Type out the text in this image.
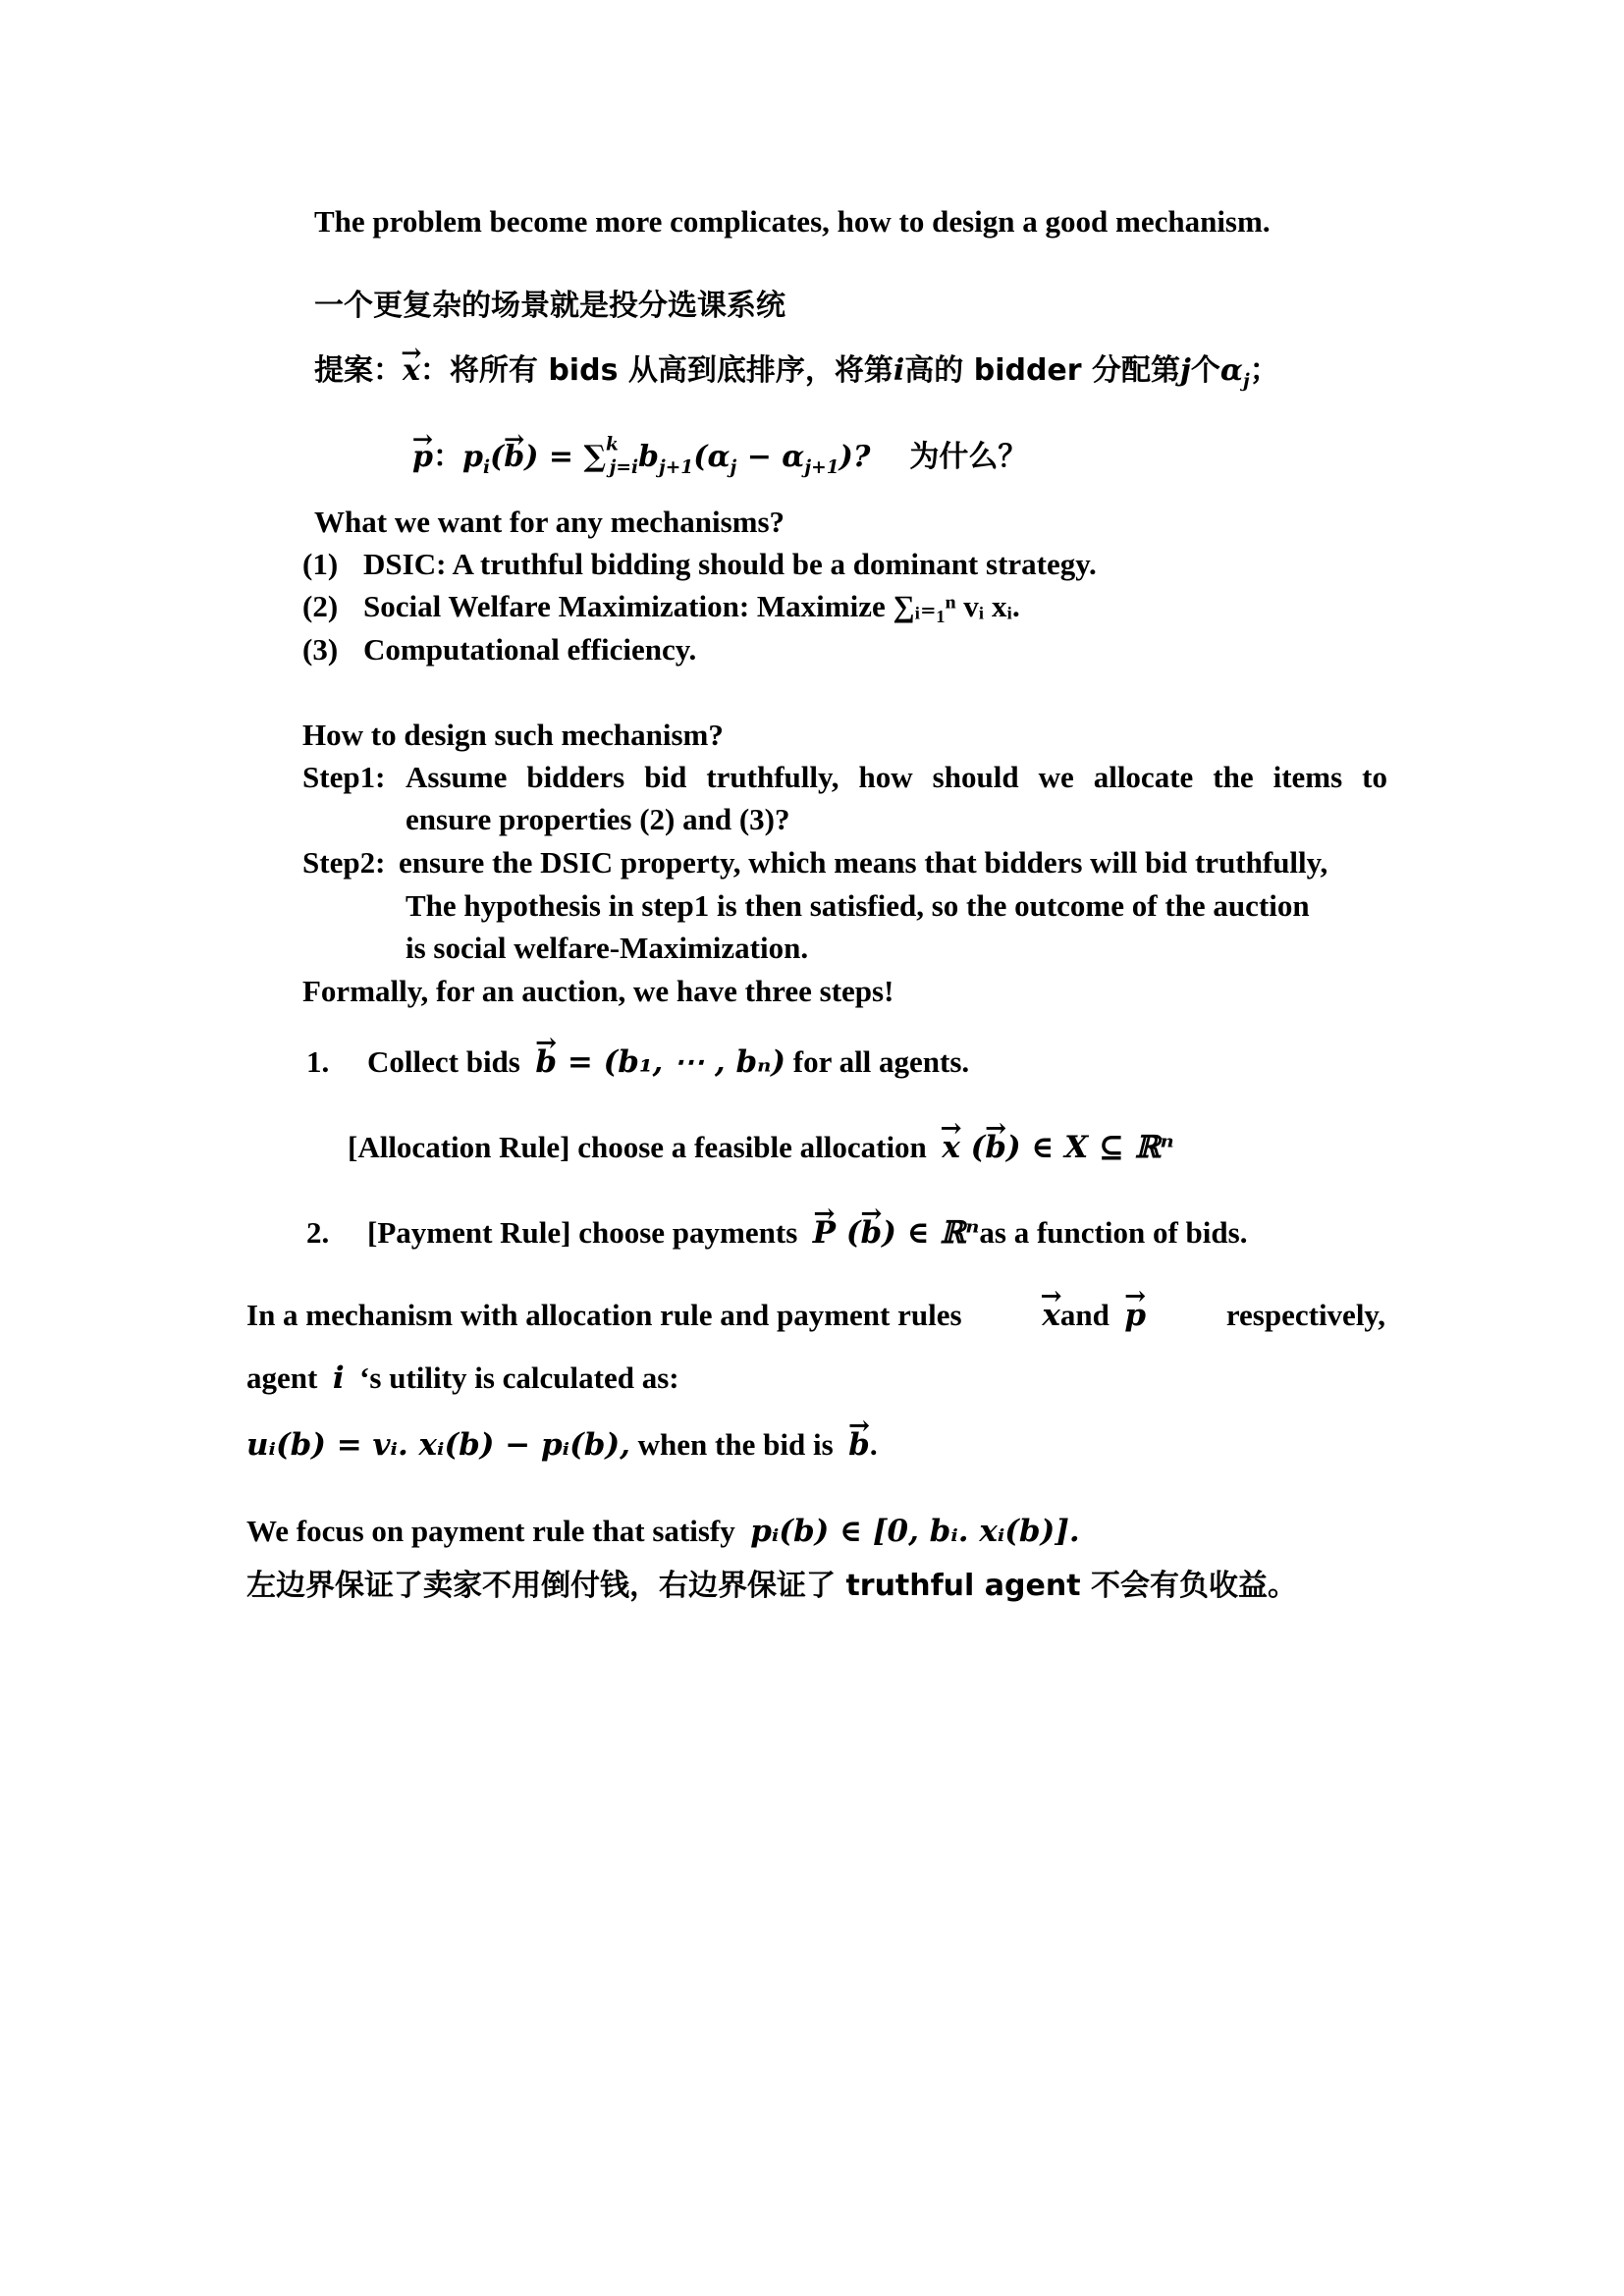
The problem become more complicates, how to design a good mechanism.
一个更复杂的场景就是投分选课系统
提案：→ x：将所有 bids 从高到底排序，将第i高的 bidder 分配第j个$\alpha_j$；
→ p：$p_i(\to b) = \sum^k_{j=i}b_{j+1}(\alpha_j - \alpha_{j+1})$? 为什么？
What we want for any mechanisms?
(1) DSIC: A truthful bidding should be a dominant strategy.
(2) Social Welfare Maximization: Maximize ∑ᵢ₌₁ⁿ vᵢ xᵢ.
(3) Computational efficiency.
How to design such mechanism?
Step1: Assume bidders bid truthfully, how should we allocate the items to
ensure properties (2) and (3)?
Step2: ensure the DSIC property, which means that bidders will bid truthfully,
The hypothesis in step1 is then satisfied, so the outcome of the auction
is social welfare-Maximization.
Formally, for an auction, we have three steps!
1. Collect bids → b = (b₁, ⋯ , bₙ) for all agents.
[Allocation Rule] choose a feasible allocation → x (→ b) ∈ X ⊆ ℝⁿ
2. [Payment Rule] choose payments → P (→ b) ∈ ℝⁿas a function of bids.
In a mechanism with allocation rule and payment rules	→ xand → p	respectively,
agent i ‘s utility is calculated as:
uᵢ(b) = vᵢ. xᵢ(b) − pᵢ(b), when the bid is → b.
We focus on payment rule that satisfy pᵢ(b) ∈ [0, bᵢ. xᵢ(b)].
左边界保证了卖家不用倒付钱，右边界保证了 truthful agent 不会有负收益。
